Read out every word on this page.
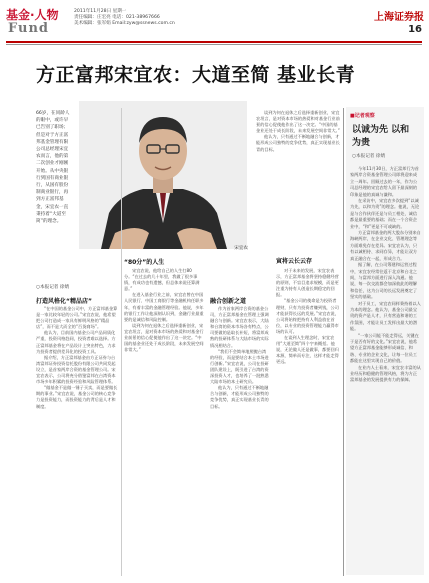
基金·人物
Fund
2011年11月28日 星期一
责任编辑：庄宏亮 电话：021-38967666
美术编辑：张军娟 Email:zyw@ssnews.com.cn
上海证券报
16
方正富邦宋宜农：大道至简 基业长青
66岁，在同龄人的眼中，或许早已告别了职场；但是对于方正富邦基金管理有限公司总经理宋宜农而言，他的第二次创业才刚刚开始。从中央银行到国有商业银行，从国有股份制商业银行，再到方正富邦基金，宋宜农一直秉持着“大道至简”的理念。
○本报记者 徐婧
宋宜农
打造风格化“精品店”

“在中国的基金公司中，方正富邦基金算是一家比较年轻的公司。”宋宜农说，他希望把公司打造成一家具有鲜明风格的“精品店”，而不是大而全的“百货商场”。

他认为，目前国内基金公司产品同质化严重，投资风格趋同，投资者难以选择。方正富邦基金将在产品设计上突出特色，力求为投资者提供差异化的投资工具。

据介绍，方正富邦基金由方正证券与台湾富邦证券投资信托股份有限公司共同发起设立，是首家两岸合资的基金管理公司。宋宜农表示，公司将充分借鉴富邦在台湾资本市场多年积累的投资经验和风险管理体系。

“做基金不是做一锤子买卖，而是要做长期的事业。”宋宜农说，基金公司的核心竞争力是投资能力，而投资能力的背后是人才和制度。

“80分”的人生

宋宜农说，他给自己的人生打80分。“在过去的几十年里，我做了很多事情，有成功也有遗憾，但总体来说还算满意。”

在进入基金行业之前，宋宜农曾在中国人民银行、中国工商银行等金融机构任职多年，有着丰富的金融管理经验。他说，多年的银行工作让他深刻认识到，金融行业最重要的是诚信和风险控制。

谈到为何在退休之后选择重新创业，宋宜农坦言，是对资本市场的热爱和对基金行业前景的信心促使他作出了这一决定。“中国的基金业还处于成长阶段，未来发展空间非常大。”

融合创新之道

作为首家两岸合资的基金公司，方正富邦基金在管理上强调融合与创新。宋宜农表示，大陆和台湾的资本市场各有特点，公司要做的是取长补短，将富邦成熟的投研体系与大陆市场的实际情况相结合。

“我们不会简单地照搬台湾的经验，而是要结合本土市场进行创新。”宋宜农说，公司在投研团队建设上，既引进了台湾的资深投资人才，也培养了一批熟悉大陆市场的本土研究员。

他认为，只有通过不断地融合与创新，才能形成公司独特的竞争优势，真正实现基业长青的目标。

谈到为何在退休之后选择重新创业，宋宜农坦言，是对资本市场的热爱和对基金行业前景的信心促使他作出了这一决定。“中国的基金业还处于成长阶段，未来发展空间非常大。”

他认为，只有通过不断地融合与创新，才能形成公司独特的竞争优势，真正实现基业长青的目标。

寅将云长云存

对于未来的发展，宋宜农表示，方正富邦基金将坚持稳健经营的原则，不盲目追求规模，而是更注重为持有人创造长期稳定的回报。

“基金公司的使命是为投资者理财，只有为投资者赚到钱，公司才能获得长远的发展。”宋宜农说，公司将始终把持有人利益放在首位，以专业的投资管理能力赢得市场的认可。

在谈到人生理念时，宋宜农用“大道至简”四个字来概括。他说，无论做人还是做事，都要回归本源，简单而专注，这样才能走得更远。

■记者观察
以诚为先 以和为贵
○本报记者 徐婧

今年11月30日，方正富邦行为首家两岸合资基金管理公司即将迎来成立一周年。回顾过去的一年，作为公司总经理的宋宜农给人留下最深刻的印象是他的真诚与谦和。

在采访中，宋宜农多次提到“以诚为先，以和为贵”的理念。他说，无论是与合作伙伴还是与员工相处，诚信都是最重要的基础；而在一个合资企业中，“和”更是不可或缺的。

方正富邦基金的两大股东分别来自海峡两岸，在企业文化、管理理念等方面难免存在差异。宋宜农认为，只有以诚相待、求同存异，才能让双方真正融合在一起，形成合力。

据了解，在公司筹建和运营过程中，宋宜农经常往返于北京和台北之间，与富邦方面进行深入沟通。他说，每一次交流都会加深彼此的理解和信任，这为公司的长远发展奠定了坚实的基础。

对于员工，宋宜农同样秉持着以人为本的理念。他认为，基金公司最宝贵的资产是人才，只有营造和谐的工作氛围，才能让员工发挥出最大的潜能。

“一家公司能不能走得远，关键在于是否有好的文化。”宋宜农说，他希望方正富邦基金能够形成诚信、和谐、专业的企业文化，让每一位员工都能在这里实现自己的价值。

在业内人士看来，宋宜农丰富的从业经历和稳健的管理风格，将为方正富邦基金的发展提供有力的保障。
